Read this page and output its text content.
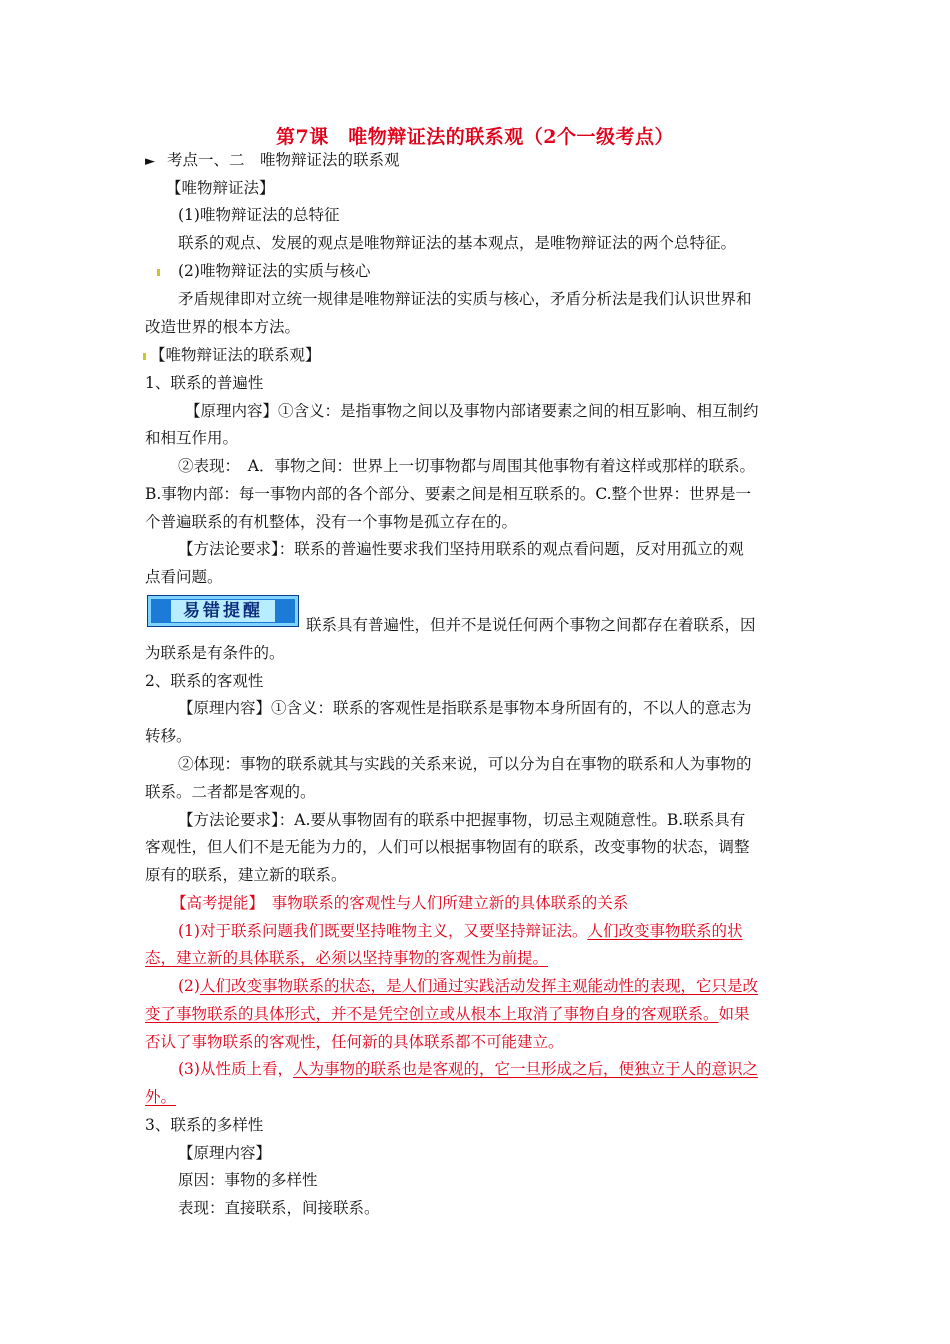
第7课　唯物辩证法的联系观（2个一级考点）
► 考点一、二　唯物辩证法的联系观
【唯物辩证法】
(1)唯物辩证法的总特征
联系的观点、发展的观点是唯物辩证法的基本观点，是唯物辩证法的两个总特征。
(2)唯物辩证法的实质与核心
矛盾规律即对立统一规律是唯物辩证法的实质与核心，矛盾分析法是我们认识世界和
改造世界的根本方法。
【唯物辩证法的联系观】
1、联系的普遍性
【原理内容】①含义：是指事物之间以及事物内部诸要素之间的相互影响、相互制约
和相互作用。
②表现：　A．事物之间：世界上一切事物都与周围其他事物有着这样或那样的联系。
B.事物内部：每一事物内部的各个部分、要素之间是相互联系的。C.整个世界：世界是一
个普遍联系的有机整体，没有一个事物是孤立存在的。
【方法论要求】：联系的普遍性要求我们坚持用联系的观点看问题，反对用孤立的观
点看问题。
易错提醒
联系具有普遍性，但并不是说任何两个事物之间都存在着联系，因
为联系是有条件的。
2、联系的客观性
【原理内容】①含义：联系的客观性是指联系是事物本身所固有的，不以人的意志为
转移。
②体现：事物的联系就其与实践的关系来说，可以分为自在事物的联系和人为事物的
联系。二者都是客观的。
【方法论要求】：A.要从事物固有的联系中把握事物，切忌主观随意性。B.联系具有
客观性，但人们不是无能为力的，人们可以根据事物固有的联系，改变事物的状态，调整
原有的联系，建立新的联系。
【高考提能】　事物联系的客观性与人们所建立新的具体联系的关系
(1)对于联系问题我们既要坚持唯物主义，又要坚持辩证法。人们改变事物联系的状
态，建立新的具体联系，必须以坚持事物的客观性为前提。
(2)人们改变事物联系的状态，是人们通过实践活动发挥主观能动性的表现，它只是改
变了事物联系的具体形式，并不是凭空创立或从根本上取消了事物自身的客观联系。如果
否认了事物联系的客观性，任何新的具体联系都不可能建立。
(3)从性质上看，人为事物的联系也是客观的，它一旦形成之后，便独立于人的意识之
外。
3、联系的多样性
【原理内容】
原因：事物的多样性
表现：直接联系，间接联系。
